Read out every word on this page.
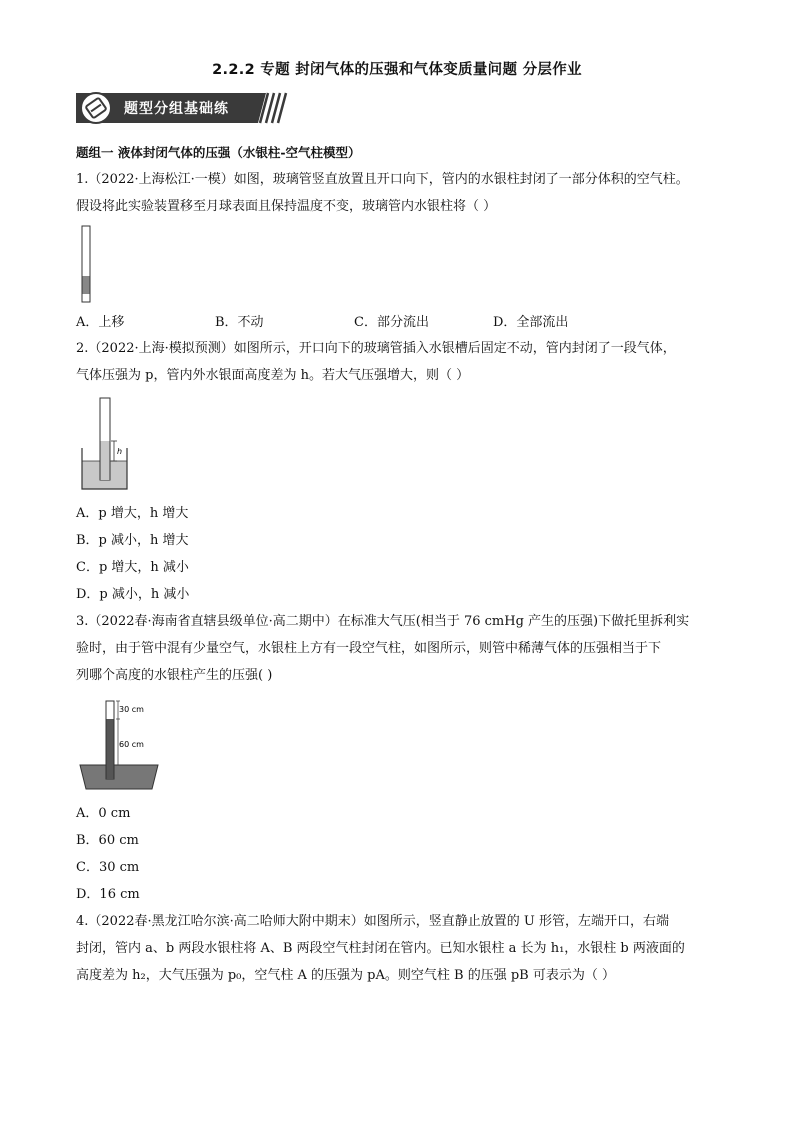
2.2.2 专题 封闭气体的压强和气体变质量问题 分层作业
题型分组基础练
题组一 液体封闭气体的压强（水银柱-空气柱模型）
1.（2022·上海松江·一模）如图，玻璃管竖直放置且开口向下，管内的水银柱封闭了一部分体积的空气柱。
假设将此实验装置移至月球表面且保持温度不变，玻璃管内水银柱将（ ）
A．上移	B．不动	C．部分流出	D．全部流出
2.（2022·上海·模拟预测）如图所示，开口向下的玻璃管插入水银槽后固定不动，管内封闭了一段气体，
气体压强为 p，管内外水银面高度差为 h。若大气压强增大，则（ ）
h
A．p 增大，h 增大
B．p 减小，h 增大
C．p 增大，h 减小
D．p 减小，h 减小
3.（2022春·海南省直辖县级单位·高二期中）在标准大气压(相当于 76 cmHg 产生的压强)下做托里拆利实
验时，由于管中混有少量空气，水银柱上方有一段空气柱，如图所示，则管中稀薄气体的压强相当于下
列哪个高度的水银柱产生的压强( )
30 cm
60 cm
A．0 cm
B．60 cm
C．30 cm
D．16 cm
4.（2022春·黑龙江哈尔滨·高二哈师大附中期末）如图所示，竖直静止放置的 U 形管，左端开口，右端
封闭，管内 a、b 两段水银柱将 A、B 两段空气柱封闭在管内。已知水银柱 a 长为 h₁，水银柱 b 两液面的
高度差为 h₂，大气压强为 p₀，空气柱 A 的压强为 pA。则空气柱 B 的压强 pB 可表示为（ ）
